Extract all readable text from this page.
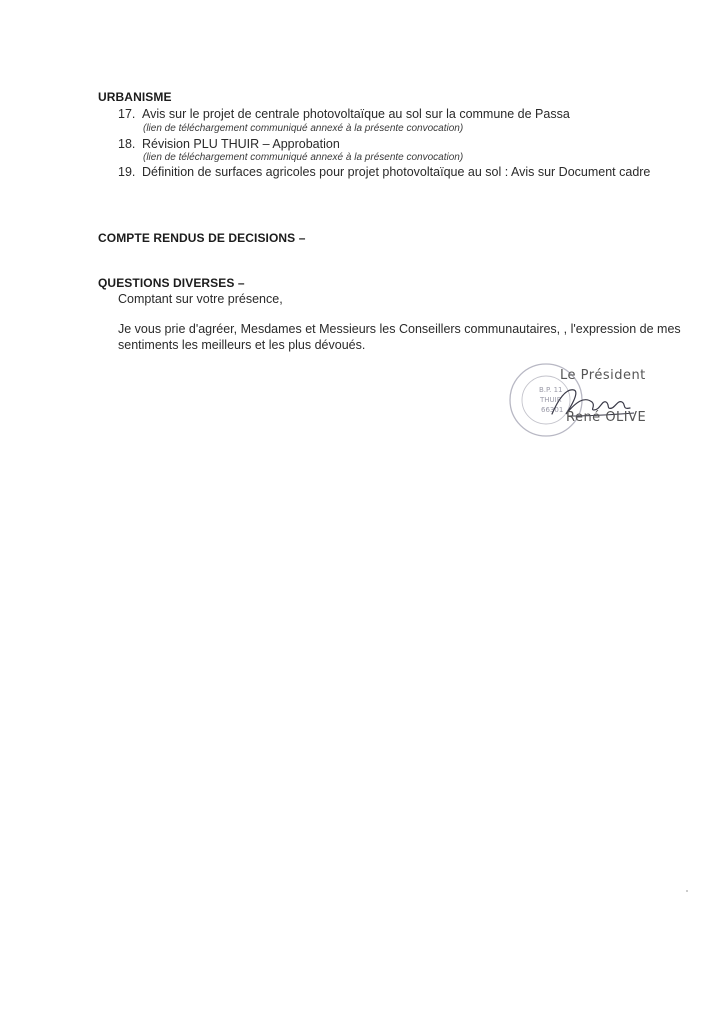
URBANISME
17. Avis sur le projet de centrale photovoltaïque au sol sur la commune de Passa
(lien de téléchargement communiqué annexé à la présente convocation)
18. Révision PLU THUIR – Approbation
(lien de téléchargement communiqué annexé à la présente convocation)
19. Définition de surfaces agricoles pour projet photovoltaïque au sol : Avis sur Document cadre
COMPTE RENDUS DE DECISIONS –
QUESTIONS DIVERSES –
Comptant sur votre présence,
Je vous prie d'agréer, Mesdames et Messieurs les Conseillers communautaires, , l'expression de mes
sentiments les meilleurs et les plus dévoués.
B.P. 11
THUIR
66301
Le Président
René OLIVE
